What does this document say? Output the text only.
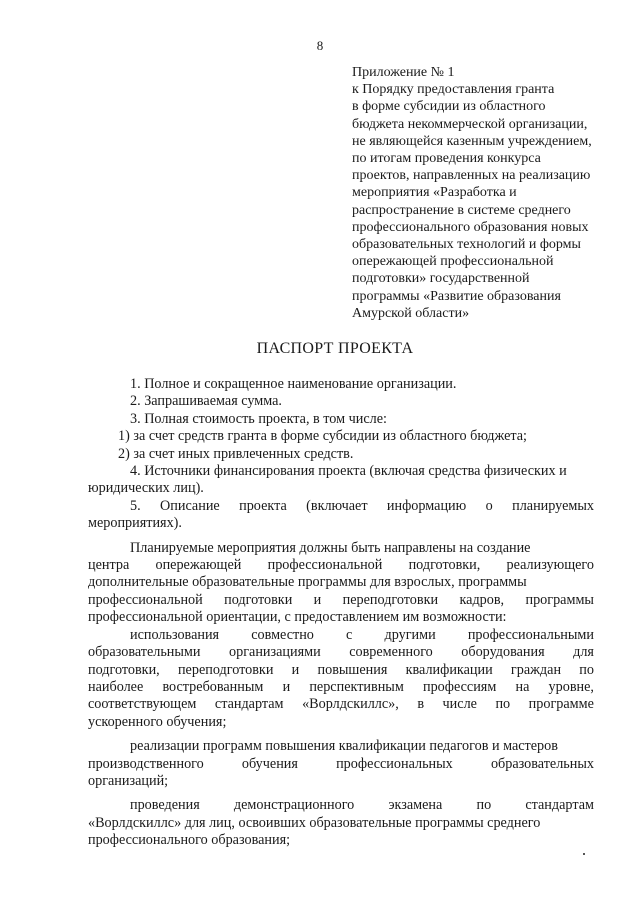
8
Приложение № 1
к Порядку предоставления гранта
в форме субсидии из областного
бюджета некоммерческой организации,
не являющейся казенным учреждением,
по итогам проведения конкурса
проектов, направленных на реализацию
мероприятия «Разработка и
распространение в системе среднего
профессионального образования новых
образовательных технологий и формы
опережающей профессиональной
подготовки» государственной
программы «Развитие образования
Амурской области»
ПАСПОРТ ПРОЕКТА
1. Полное и сокращенное наименование организации.
2. Запрашиваемая сумма.
3. Полная стоимость проекта, в том числе:
1) за счет средств гранта в форме субсидии из областного бюджета;
2) за счет иных привлеченных средств.
4. Источники финансирования проекта (включая средства физических и
юридических лиц).
5. Описание проекта (включает информацию о планируемых
мероприятиях).
Планируемые мероприятия должны быть направлены на создание
центра опережающей профессиональной подготовки, реализующего
дополнительные образовательные программы для взрослых, программы
профессиональной подготовки и переподготовки кадров, программы
профессиональной ориентации, с предоставлением им возможности:
использования совместно с другими профессиональными
образовательными организациями современного оборудования для
подготовки, переподготовки и повышения квалификации граждан по
наиболее востребованным и перспективным профессиям на уровне,
соответствующем стандартам «Ворлдскиллс», в числе по программе
ускоренного обучения;
реализации программ повышения квалификации педагогов и мастеров
производственного	обучения	профессиональных	образовательных
организаций;
проведения демонстрационного экзамена по стандартам
«Ворлдскиллс» для лиц, освоивших образовательные программы среднего
профессионального образования;
